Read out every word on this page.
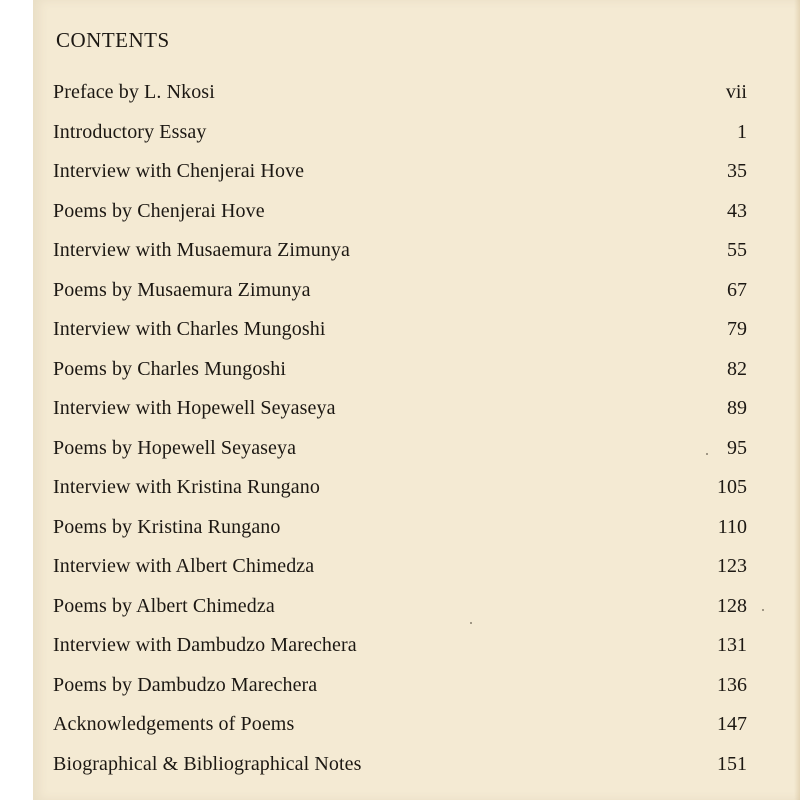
CONTENTS
Preface by L. Nkosi	vii
Introductory Essay	1
Interview with Chenjerai Hove	35
Poems by Chenjerai Hove	43
Interview with Musaemura Zimunya	55
Poems by Musaemura Zimunya	67
Interview with Charles Mungoshi	79
Poems by Charles Mungoshi	82
Interview with Hopewell Seyaseya	89
Poems by Hopewell Seyaseya	95
Interview with Kristina Rungano	105
Poems by Kristina Rungano	110
Interview with Albert Chimedza	123
Poems by Albert Chimedza	128
Interview with Dambudzo Marechera	131
Poems by Dambudzo Marechera	136
Acknowledgements of Poems	147
Biographical & Bibliographical Notes	151
